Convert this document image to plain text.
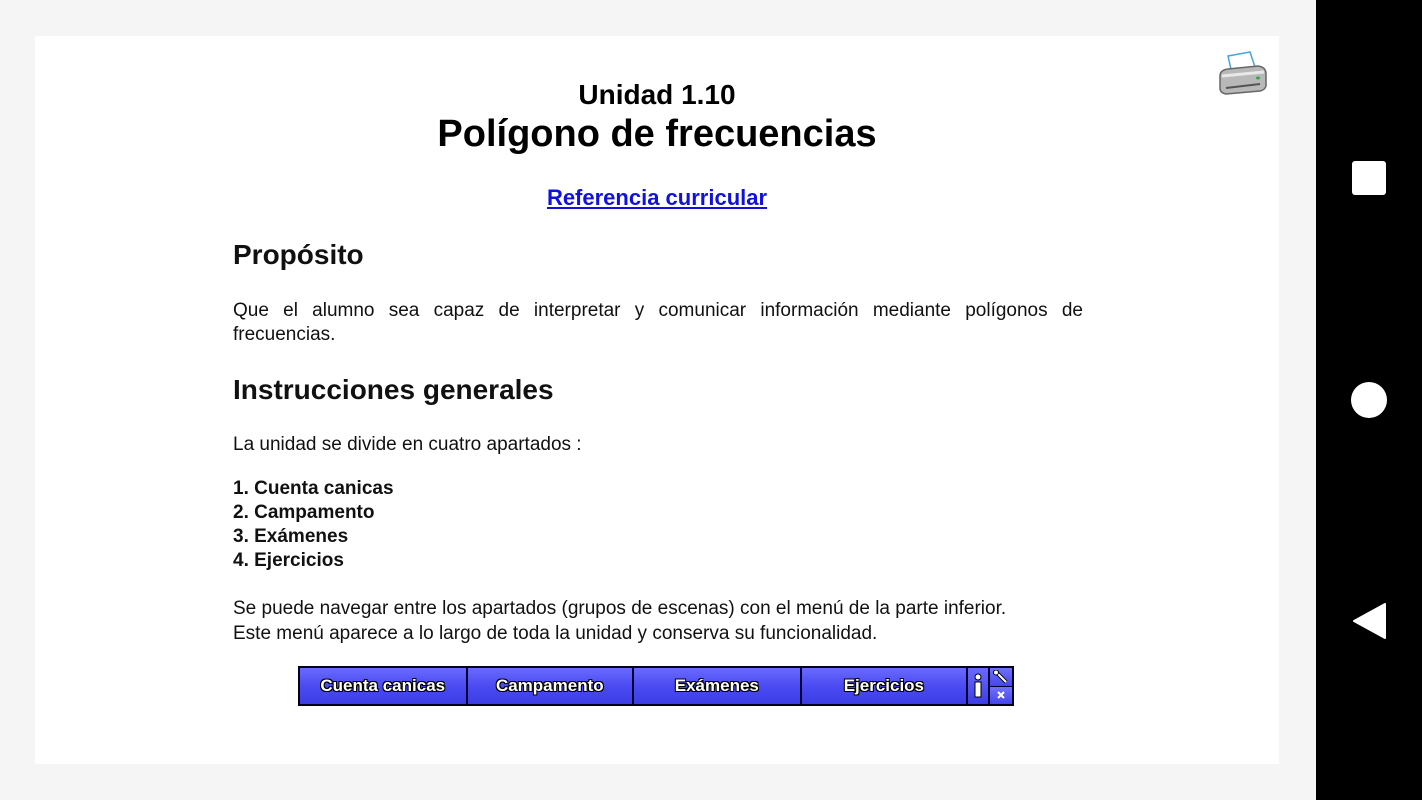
Unidad 1.10
Polígono de frecuencias
Referencia curricular
Propósito

Que el alumno sea capaz de interpretar y comunicar información mediante polígonos de frecuencias.

Instrucciones generales

La unidad se divide en cuatro apartados :

1. Cuenta canicas
2. Campamento
3. Exámenes
4. Ejercicios

Se puede navegar entre los apartados (grupos de escenas) con el menú de la parte inferior.

Este menú aparece a lo largo de toda la unidad y conserva su funcionalidad.

Cuenta canicas	Campamento	Exámenes	Ejercicios
